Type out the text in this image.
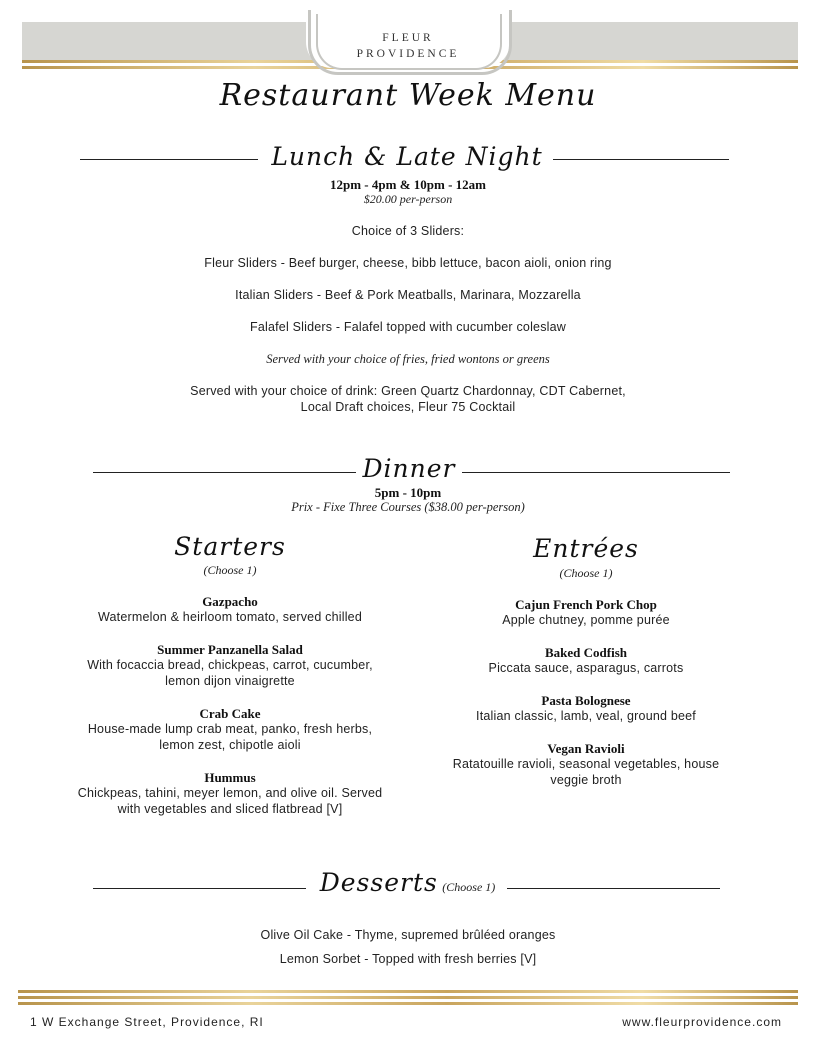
FLEUR
PROVIDENCE
Restaurant Week Menu
Lunch & Late Night
12pm - 4pm & 10pm - 12am
$20.00 per-person
Choice of 3 Sliders:
Fleur Sliders - Beef burger, cheese, bibb lettuce, bacon aioli, onion ring
Italian Sliders - Beef & Pork Meatballs, Marinara, Mozzarella
Falafel Sliders - Falafel topped with cucumber coleslaw
Served with your choice of fries, fried wontons or greens
Served with your choice of drink: Green Quartz Chardonnay, CDT Cabernet,
Local Draft choices, Fleur 75 Cocktail
Dinner
5pm - 10pm
Prix - Fixe Three Courses ($38.00 per-person)
Starters
(Choose 1)
Gazpacho
Watermelon & heirloom tomato, served chilled
Summer Panzanella Salad
With focaccia bread, chickpeas, carrot, cucumber,
lemon dijon vinaigrette
Crab Cake
House-made lump crab meat, panko, fresh herbs,
lemon zest, chipotle aioli
Hummus
Chickpeas, tahini, meyer lemon, and olive oil. Served
with vegetables and sliced flatbread [V]
Entrées
(Choose 1)
Cajun French Pork Chop
Apple chutney, pomme purée
Baked Codfish
Piccata sauce, asparagus, carrots
Pasta Bolognese
Italian classic, lamb, veal, ground beef
Vegan Ravioli
Ratatouille ravioli, seasonal vegetables, house
veggie broth
Desserts (Choose 1)
Olive Oil Cake - Thyme, supremed brûléed oranges
Lemon Sorbet - Topped with fresh berries [V]
1 W Exchange Street, Providence, RI	www.fleurprovidence.com
